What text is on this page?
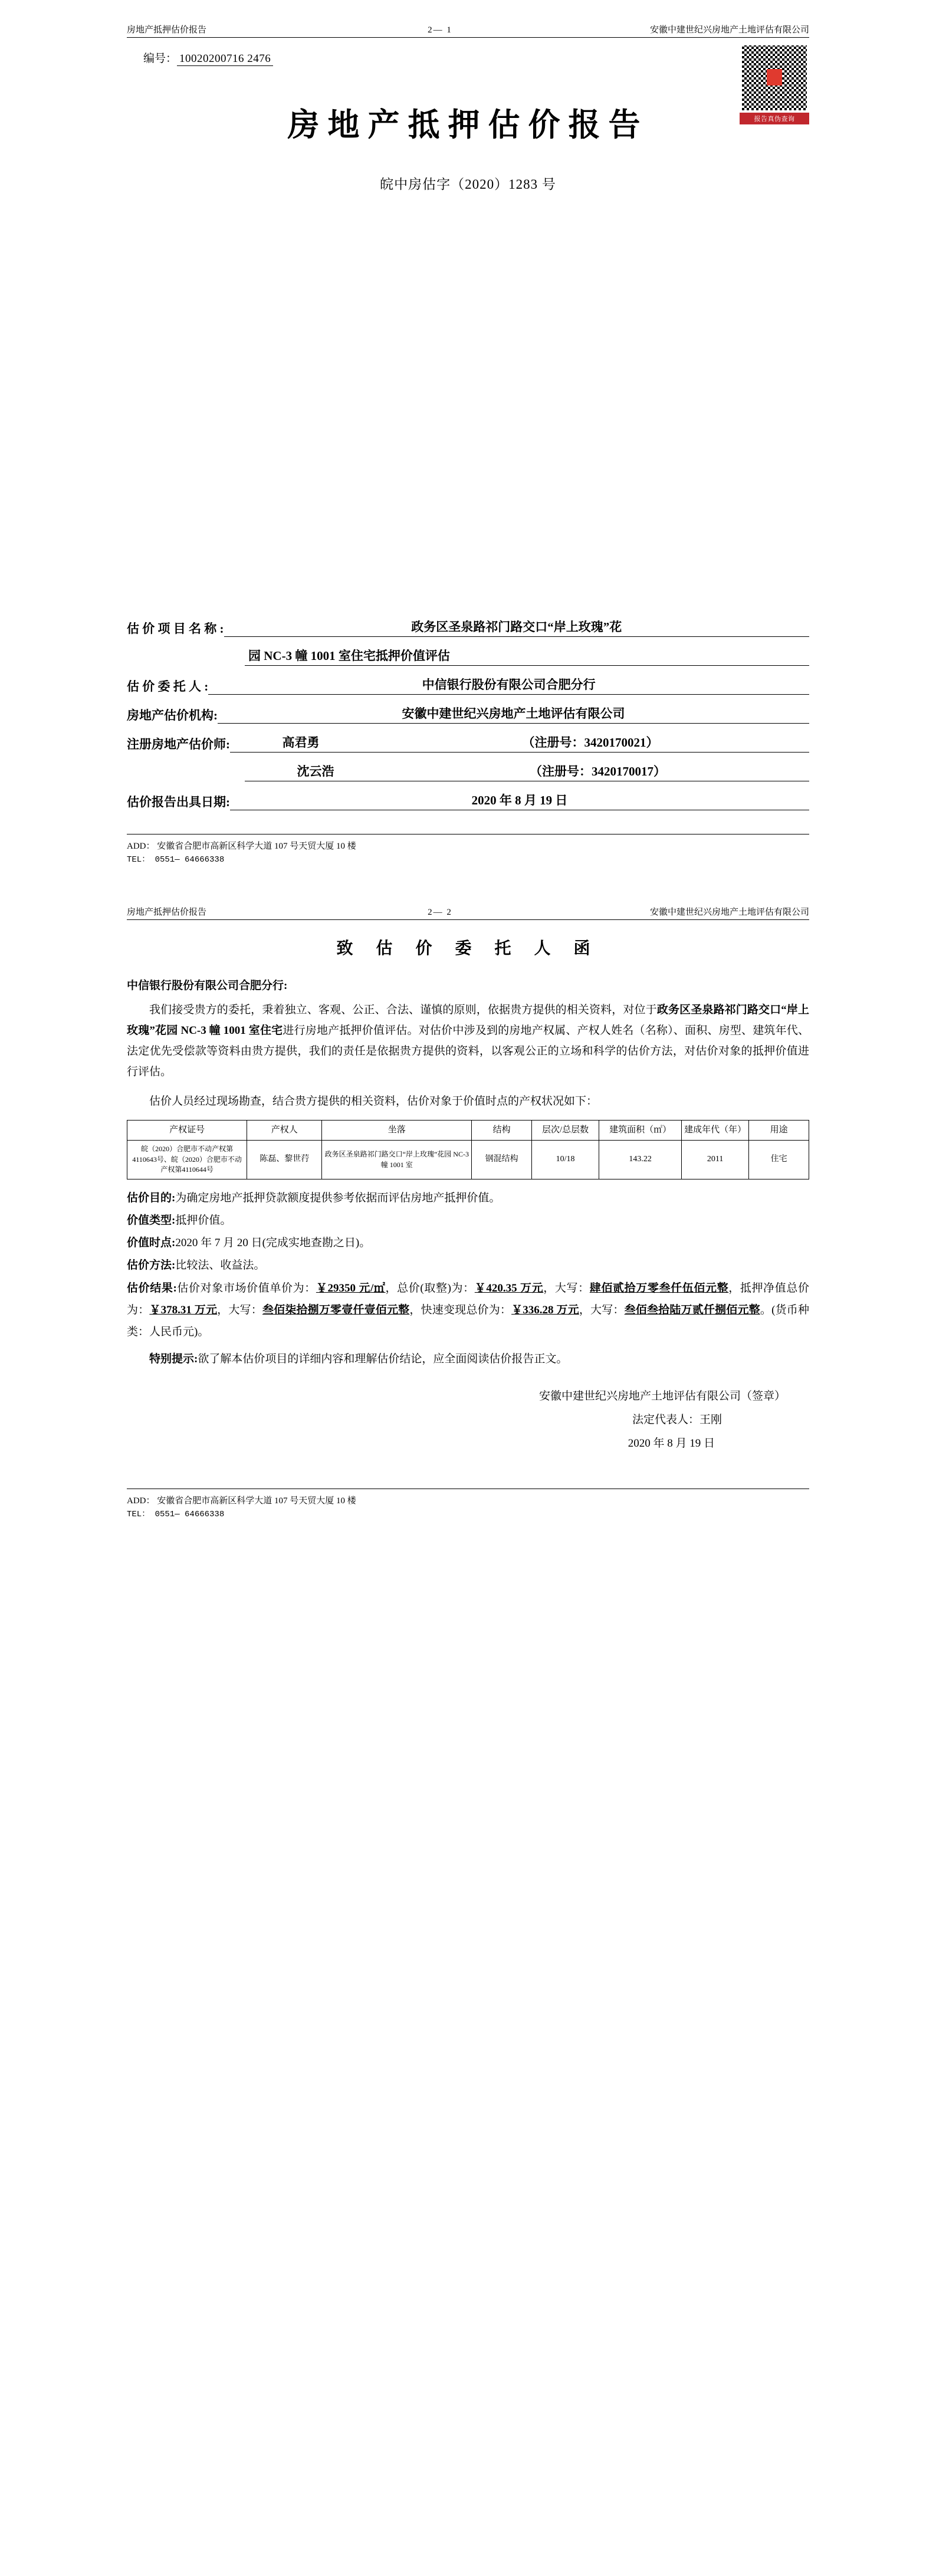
房地产抵押估价报告	2— 1	安徽中建世纪兴房地产土地评估有限公司
编号： 10020200716 2476
报告真伪查询
房地产抵押估价报告
皖中房估字（2020）1283 号
估 价 项 目 名 称 :	政务区圣泉路祁门路交口“岸上玫瑰”花
园 NC-3 幢 1001 室住宅抵押价值评估
估 价 委 托 人 :	中信银行股份有限公司合肥分行
房地产估价机构:	安徽中建世纪兴房地产土地评估有限公司
注册房地产估价师:	高君勇	（注册号：3420170021）
沈云浩	（注册号：3420170017）
估价报告出具日期:	2020 年 8 月 19 日
ADD： 安徽省合肥市高新区科学大道 107 号天贸大厦 10 楼
TEL： 0551— 64666338
房地产抵押估价报告	2— 2	安徽中建世纪兴房地产土地评估有限公司
致 估 价 委 托 人 函
中信银行股份有限公司合肥分行:

我们接受贵方的委托，秉着独立、客观、公正、合法、谨慎的原则，依据贵方提供的相关资料，对位于政务区圣泉路祁门路交口“岸上玫瑰”花园 NC-3 幢 1001 室住宅进行房地产抵押价值评估。对估价中涉及到的房地产权属、产权人姓名（名称）、面积、房型、建筑年代、法定优先受偿款等资料由贵方提供，我们的责任是依据贵方提供的资料，以客观公正的立场和科学的估价方法，对估价对象的抵押价值进行评估。

估价人员经过现场勘查，结合贵方提供的相关资料，估价对象于价值时点的产权状况如下：

产权证号	产权人	坐落	结构	层次/总层数	建筑面积（㎡）	建成年代（年）	用途
皖（2020）合肥市不动产权第4110643号、皖（2020）合肥市不动产权第4110644号	陈磊、黎世荇	政务区圣泉路祁门路交口“岸上玫瑰”花园 NC-3 幢 1001 室	钢混结构	10/18	143.22	2011	住宅
估价目的:为确定房地产抵押贷款额度提供参考依据而评估房地产抵押价值。
价值类型:抵押价值。
价值时点:2020 年 7 月 20 日(完成实地查勘之日)。
估价方法:比较法、收益法。

估价结果:估价对象市场价值单价为：￥29350 元/㎡，总价(取整)为：￥420.35 万元，大写：肆佰贰拾万零叁仟伍佰元整，抵押净值总价为：￥378.31 万元，大写：叁佰柒拾捌万零壹仟壹佰元整，快速变现总价为：￥336.28 万元，大写：叁佰叁拾陆万贰仟捌佰元整。(货币种类：人民币元)。

特别提示:欲了解本估价项目的详细内容和理解估价结论，应全面阅读估价报告正文。

安徽中建世纪兴房地产土地评估有限公司（签章）
法定代表人：王刚
2020 年 8 月 19 日
ADD： 安徽省合肥市高新区科学大道 107 号天贸大厦 10 楼
TEL： 0551— 64666338
